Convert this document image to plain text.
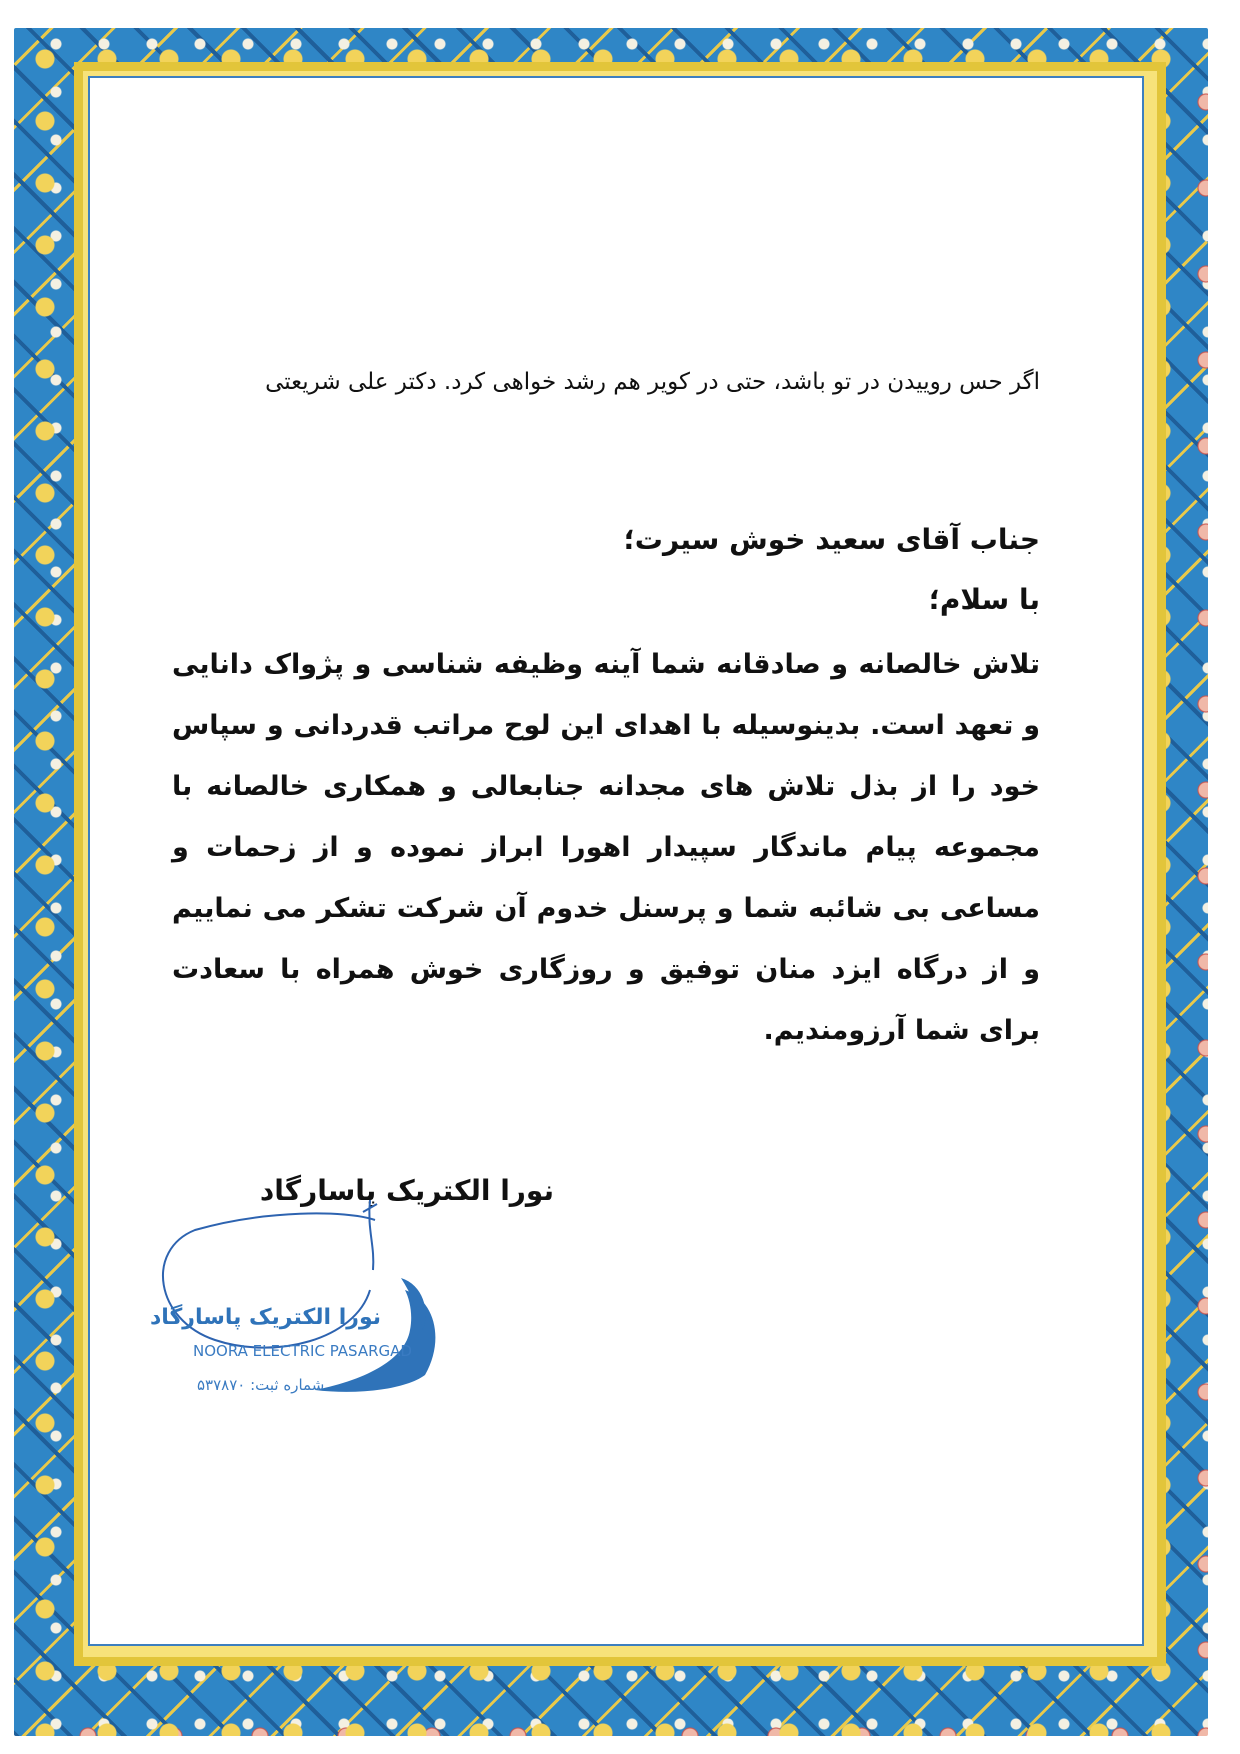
اگر حس روییدن در تو باشد، حتی در کویر هم رشد خواهی کرد. دکتر علی شریعتی
جناب آقای سعید خوش سیرت؛
با سلام؛
تلاش خالصانه و صادقانه شما آینه وظیفه شناسی و پژواک دانایی و تعهد است. بدینوسیله با اهدای این لوح مراتب قدردانی و سپاس خود را از بذل تلاش های مجدانه جنابعالی و همکاری خالصانه با مجموعه پیام ماندگار سپیدار اهورا ابراز نموده و از زحمات و مساعی بی شائبه شما و پرسنل خدوم آن شرکت تشکر می نماییم و از درگاه ایزد منان توفیق و روزگاری خوش همراه با سعادت برای شما آرزومندیم.
نورا الکتریک پاسارگاد
نورا الکتریک پاسارگاد
NOORA ELECTRIC PASARGAD
شماره ثبت: ۵۳۷۸۷۰
